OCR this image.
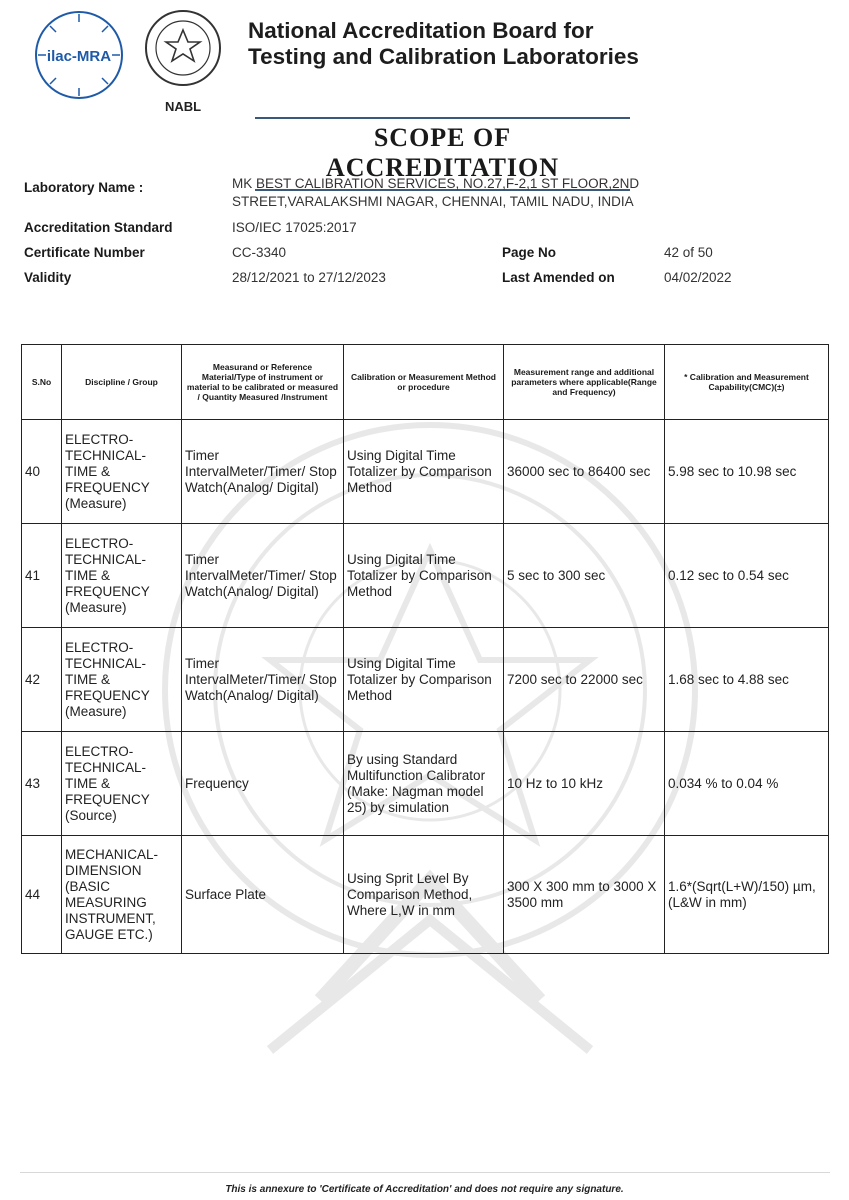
ilac-MRA
NABL
National Accreditation Board for
Testing and Calibration Laboratories
SCOPE OF ACCREDITATION
Laboratory Name :	MK BEST CALIBRATION SERVICES, NO.27,F-2,1 ST FLOOR,2ND
STREET,VARALAKSHMI NAGAR, CHENNAI, TAMIL NADU, INDIA
Accreditation Standard	ISO/IEC 17025:2017
Certificate Number	CC-3340	Page No	42 of 50
Validity	28/12/2021 to 27/12/2023	Last Amended on	04/02/2022
S.No	Discipline / Group	Measurand or Reference Material/Type of instrument or material to be calibrated or measured / Quantity Measured /Instrument	Calibration or Measurement Method or procedure	Measurement range and additional parameters where applicable(Range and Frequency)	* Calibration and Measurement Capability(CMC)(±)
40	ELECTRO-TECHNICAL-TIME & FREQUENCY (Measure)	Timer IntervalMeter/Timer/ Stop Watch(Analog/ Digital)	Using Digital Time Totalizer by Comparison Method	36000 sec to 86400 sec	5.98 sec to 10.98 sec
41	ELECTRO-TECHNICAL-TIME & FREQUENCY (Measure)	Timer IntervalMeter/Timer/ Stop Watch(Analog/ Digital)	Using Digital Time Totalizer by Comparison Method	5 sec to 300 sec	0.12 sec to 0.54 sec
42	ELECTRO-TECHNICAL-TIME & FREQUENCY (Measure)	Timer IntervalMeter/Timer/ Stop Watch(Analog/ Digital)	Using Digital Time Totalizer by Comparison Method	7200 sec to 22000 sec	1.68 sec to 4.88 sec
43	ELECTRO-TECHNICAL-TIME & FREQUENCY (Source)	Frequency	By using Standard Multifunction Calibrator (Make: Nagman model 25) by simulation	10 Hz to 10 kHz	0.034 % to 0.04 %
44	MECHANICAL-DIMENSION (BASIC MEASURING INSTRUMENT, GAUGE ETC.)	Surface Plate	Using Sprit Level By Comparison Method, Where L,W in mm	300 X 300 mm to 3000 X 3500 mm	1.6*(Sqrt(L+W)/150) µm,(L&W in mm)
This is annexure to 'Certificate of Accreditation' and does not require any signature.
